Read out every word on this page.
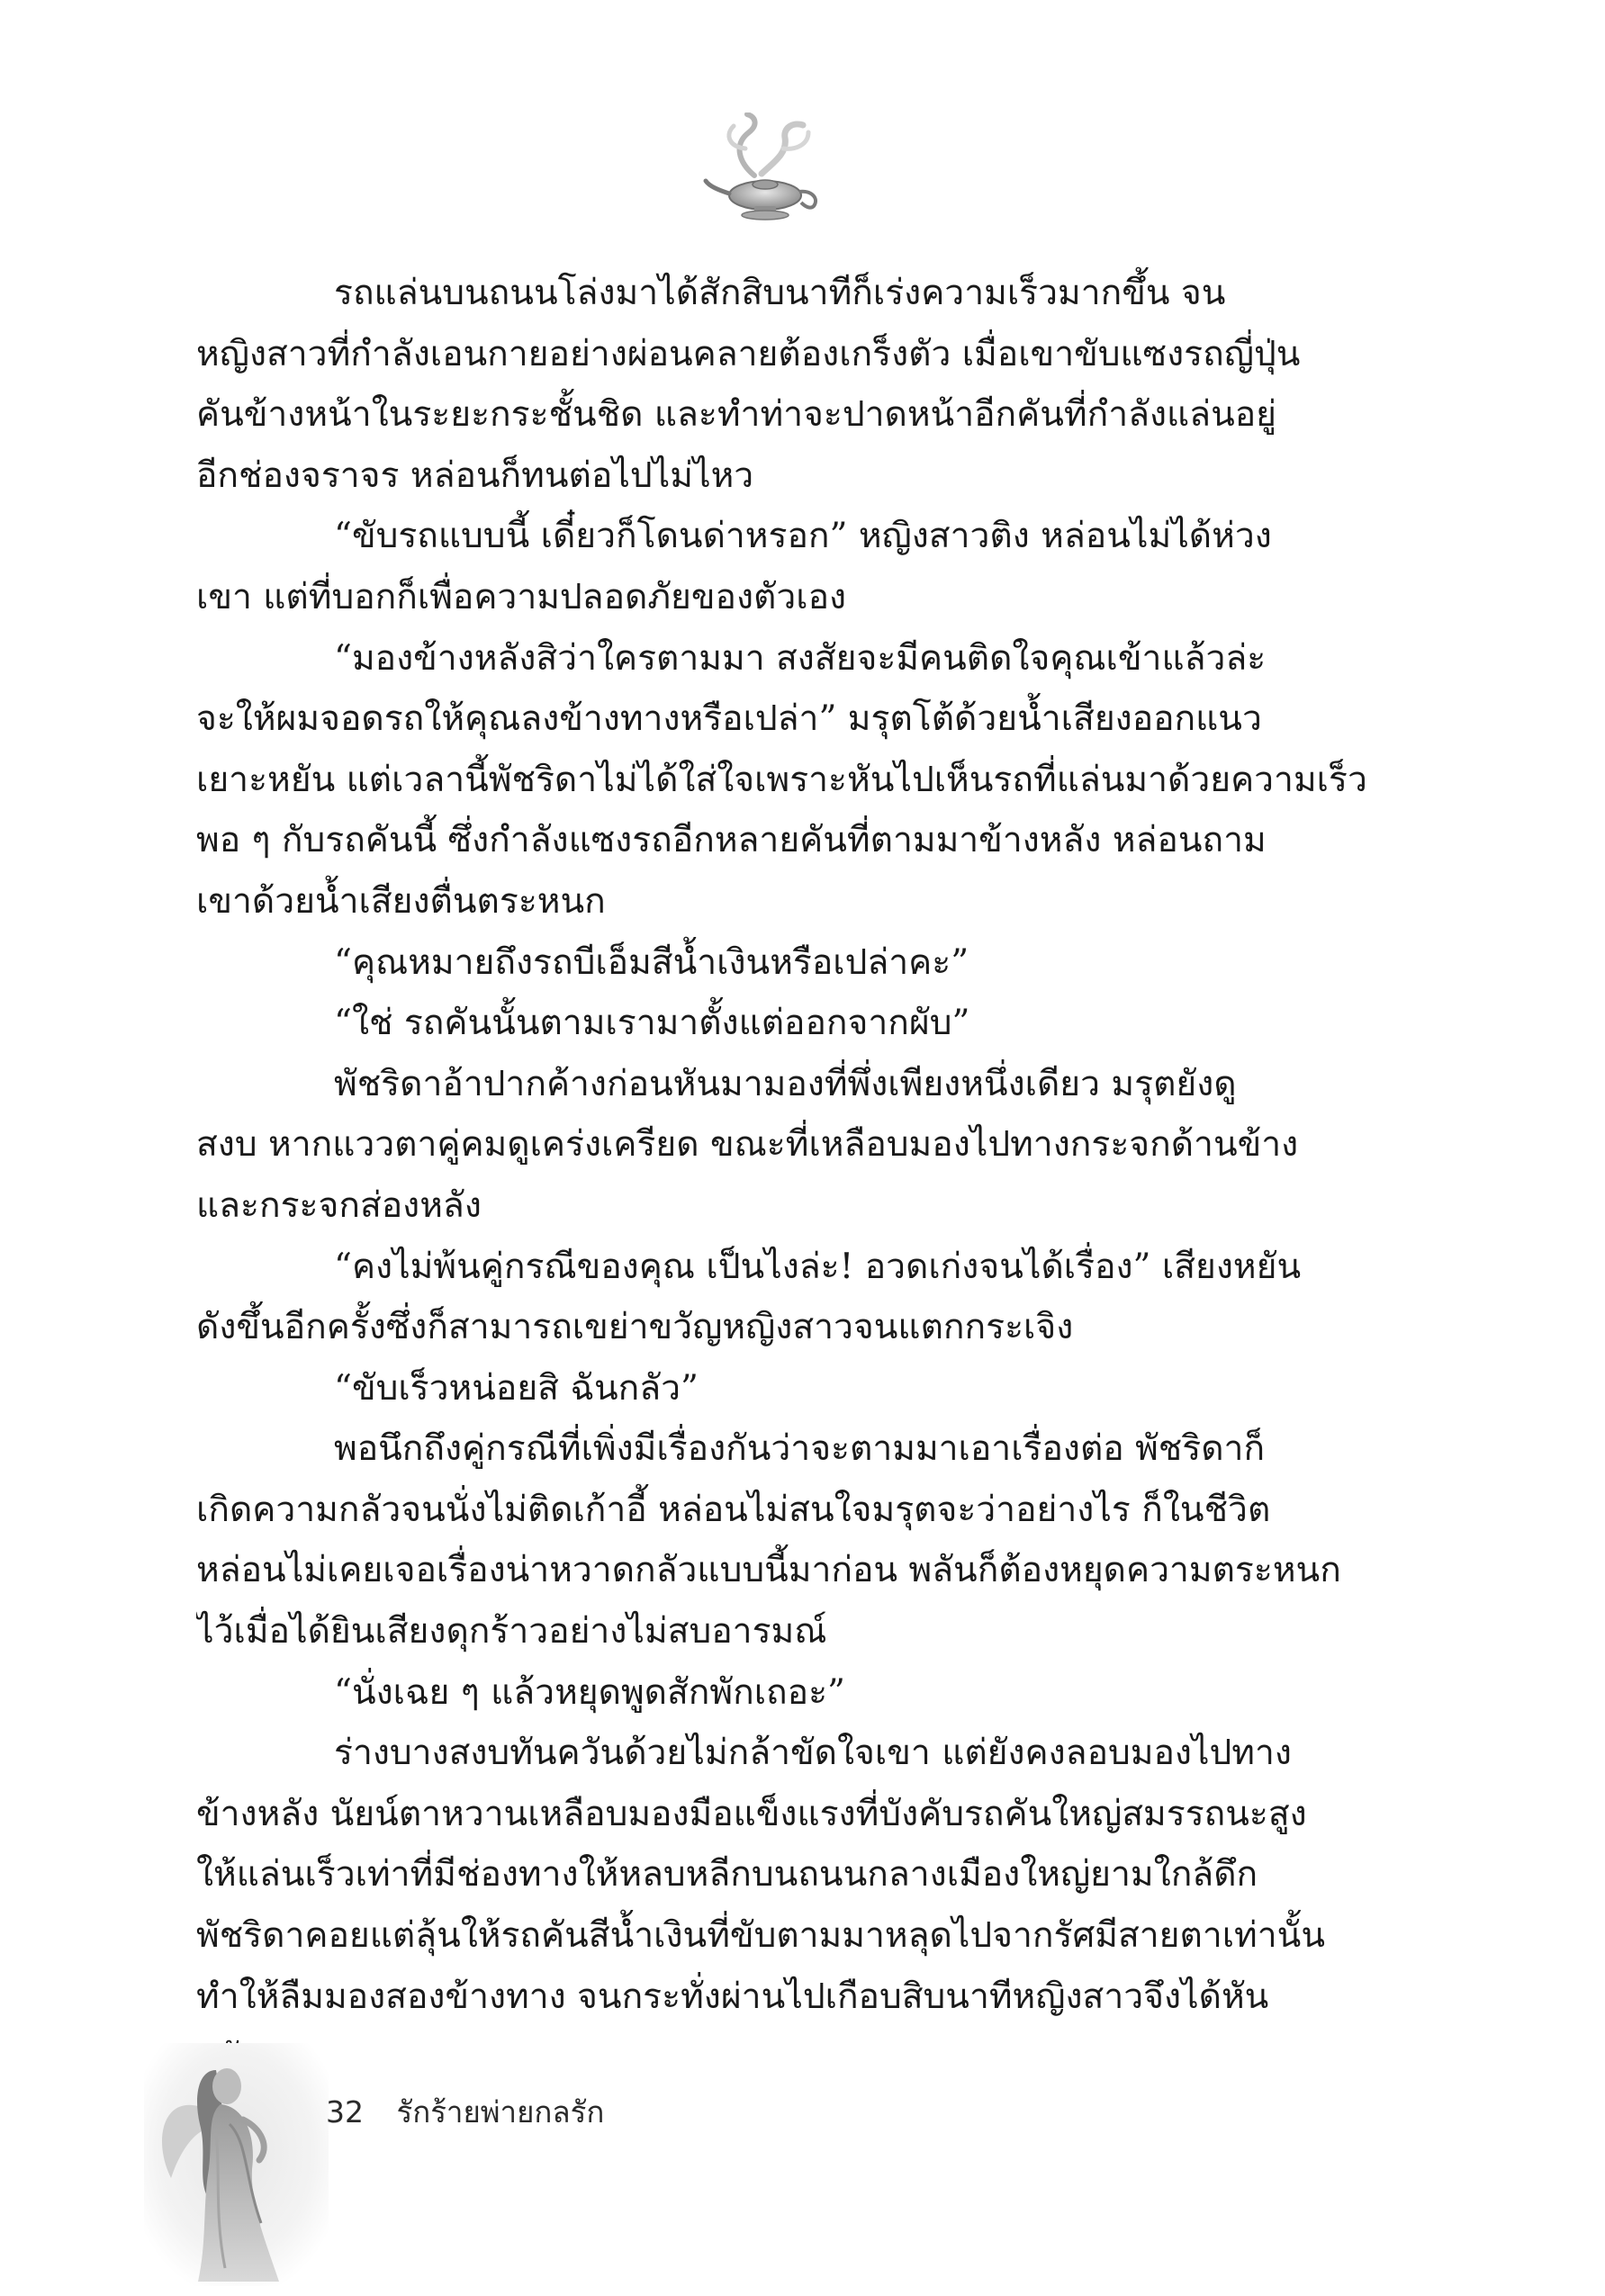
รถแล่นบนถนนโล่งมาได้สักสิบนาทีก็เร่งความเร็วมากขึ้น จน
หญิงสาวที่กำลังเอนกายอย่างผ่อนคลายต้องเกร็งตัว เมื่อเขาขับแซงรถญี่ปุ่น
คันข้างหน้าในระยะกระชั้นชิด และทำท่าจะปาดหน้าอีกคันที่กำลังแล่นอยู่
อีกช่องจราจร หล่อนก็ทนต่อไปไม่ไหว
“ขับรถแบบนี้ เดี๋ยวก็โดนด่าหรอก” หญิงสาวติง หล่อนไม่ได้ห่วง
เขา แต่ที่บอกก็เพื่อความปลอดภัยของตัวเอง
“มองข้างหลังสิว่าใครตามมา สงสัยจะมีคนติดใจคุณเข้าแล้วล่ะ
จะให้ผมจอดรถให้คุณลงข้างทางหรือเปล่า” มรุตโต้ด้วยน้ำเสียงออกแนว
เยาะหยัน แต่เวลานี้พัชริดาไม่ได้ใส่ใจเพราะหันไปเห็นรถที่แล่นมาด้วยความเร็ว
พอ ๆ กับรถคันนี้ ซึ่งกำลังแซงรถอีกหลายคันที่ตามมาข้างหลัง หล่อนถาม
เขาด้วยน้ำเสียงตื่นตระหนก
“คุณหมายถึงรถบีเอ็มสีน้ำเงินหรือเปล่าคะ”
“ใช่ รถคันนั้นตามเรามาตั้งแต่ออกจากผับ”
พัชริดาอ้าปากค้างก่อนหันมามองที่พึ่งเพียงหนึ่งเดียว มรุตยังดู
สงบ หากแววตาคู่คมดูเคร่งเครียด ขณะที่เหลือบมองไปทางกระจกด้านข้าง
และกระจกส่องหลัง
“คงไม่พ้นคู่กรณีของคุณ เป็นไงล่ะ! อวดเก่งจนได้เรื่อง” เสียงหยัน
ดังขึ้นอีกครั้งซึ่งก็สามารถเขย่าขวัญหญิงสาวจนแตกกระเจิง
“ขับเร็วหน่อยสิ ฉันกลัว”
พอนึกถึงคู่กรณีที่เพิ่งมีเรื่องกันว่าจะตามมาเอาเรื่องต่อ พัชริดาก็
เกิดความกลัวจนนั่งไม่ติดเก้าอี้ หล่อนไม่สนใจมรุตจะว่าอย่างไร ก็ในชีวิต
หล่อนไม่เคยเจอเรื่องน่าหวาดกลัวแบบนี้มาก่อน พลันก็ต้องหยุดความตระหนก
ไว้เมื่อได้ยินเสียงดุกร้าวอย่างไม่สบอารมณ์
“นั่งเฉย ๆ แล้วหยุดพูดสักพักเถอะ”
ร่างบางสงบทันควันด้วยไม่กล้าขัดใจเขา แต่ยังคงลอบมองไปทาง
ข้างหลัง นัยน์ตาหวานเหลือบมองมือแข็งแรงที่บังคับรถคันใหญ่สมรรถนะสูง
ให้แล่นเร็วเท่าที่มีช่องทางให้หลบหลีกบนถนนกลางเมืองใหญ่ยามใกล้ดึก
พัชริดาคอยแต่ลุ้นให้รถคันสีน้ำเงินที่ขับตามมาหลุดไปจากรัศมีสายตาเท่านั้น
ทำให้ลืมมองสองข้างทาง จนกระทั่งผ่านไปเกือบสิบนาทีหญิงสาวจึงได้หัน
32 รักร้ายพ่ายกลรัก
